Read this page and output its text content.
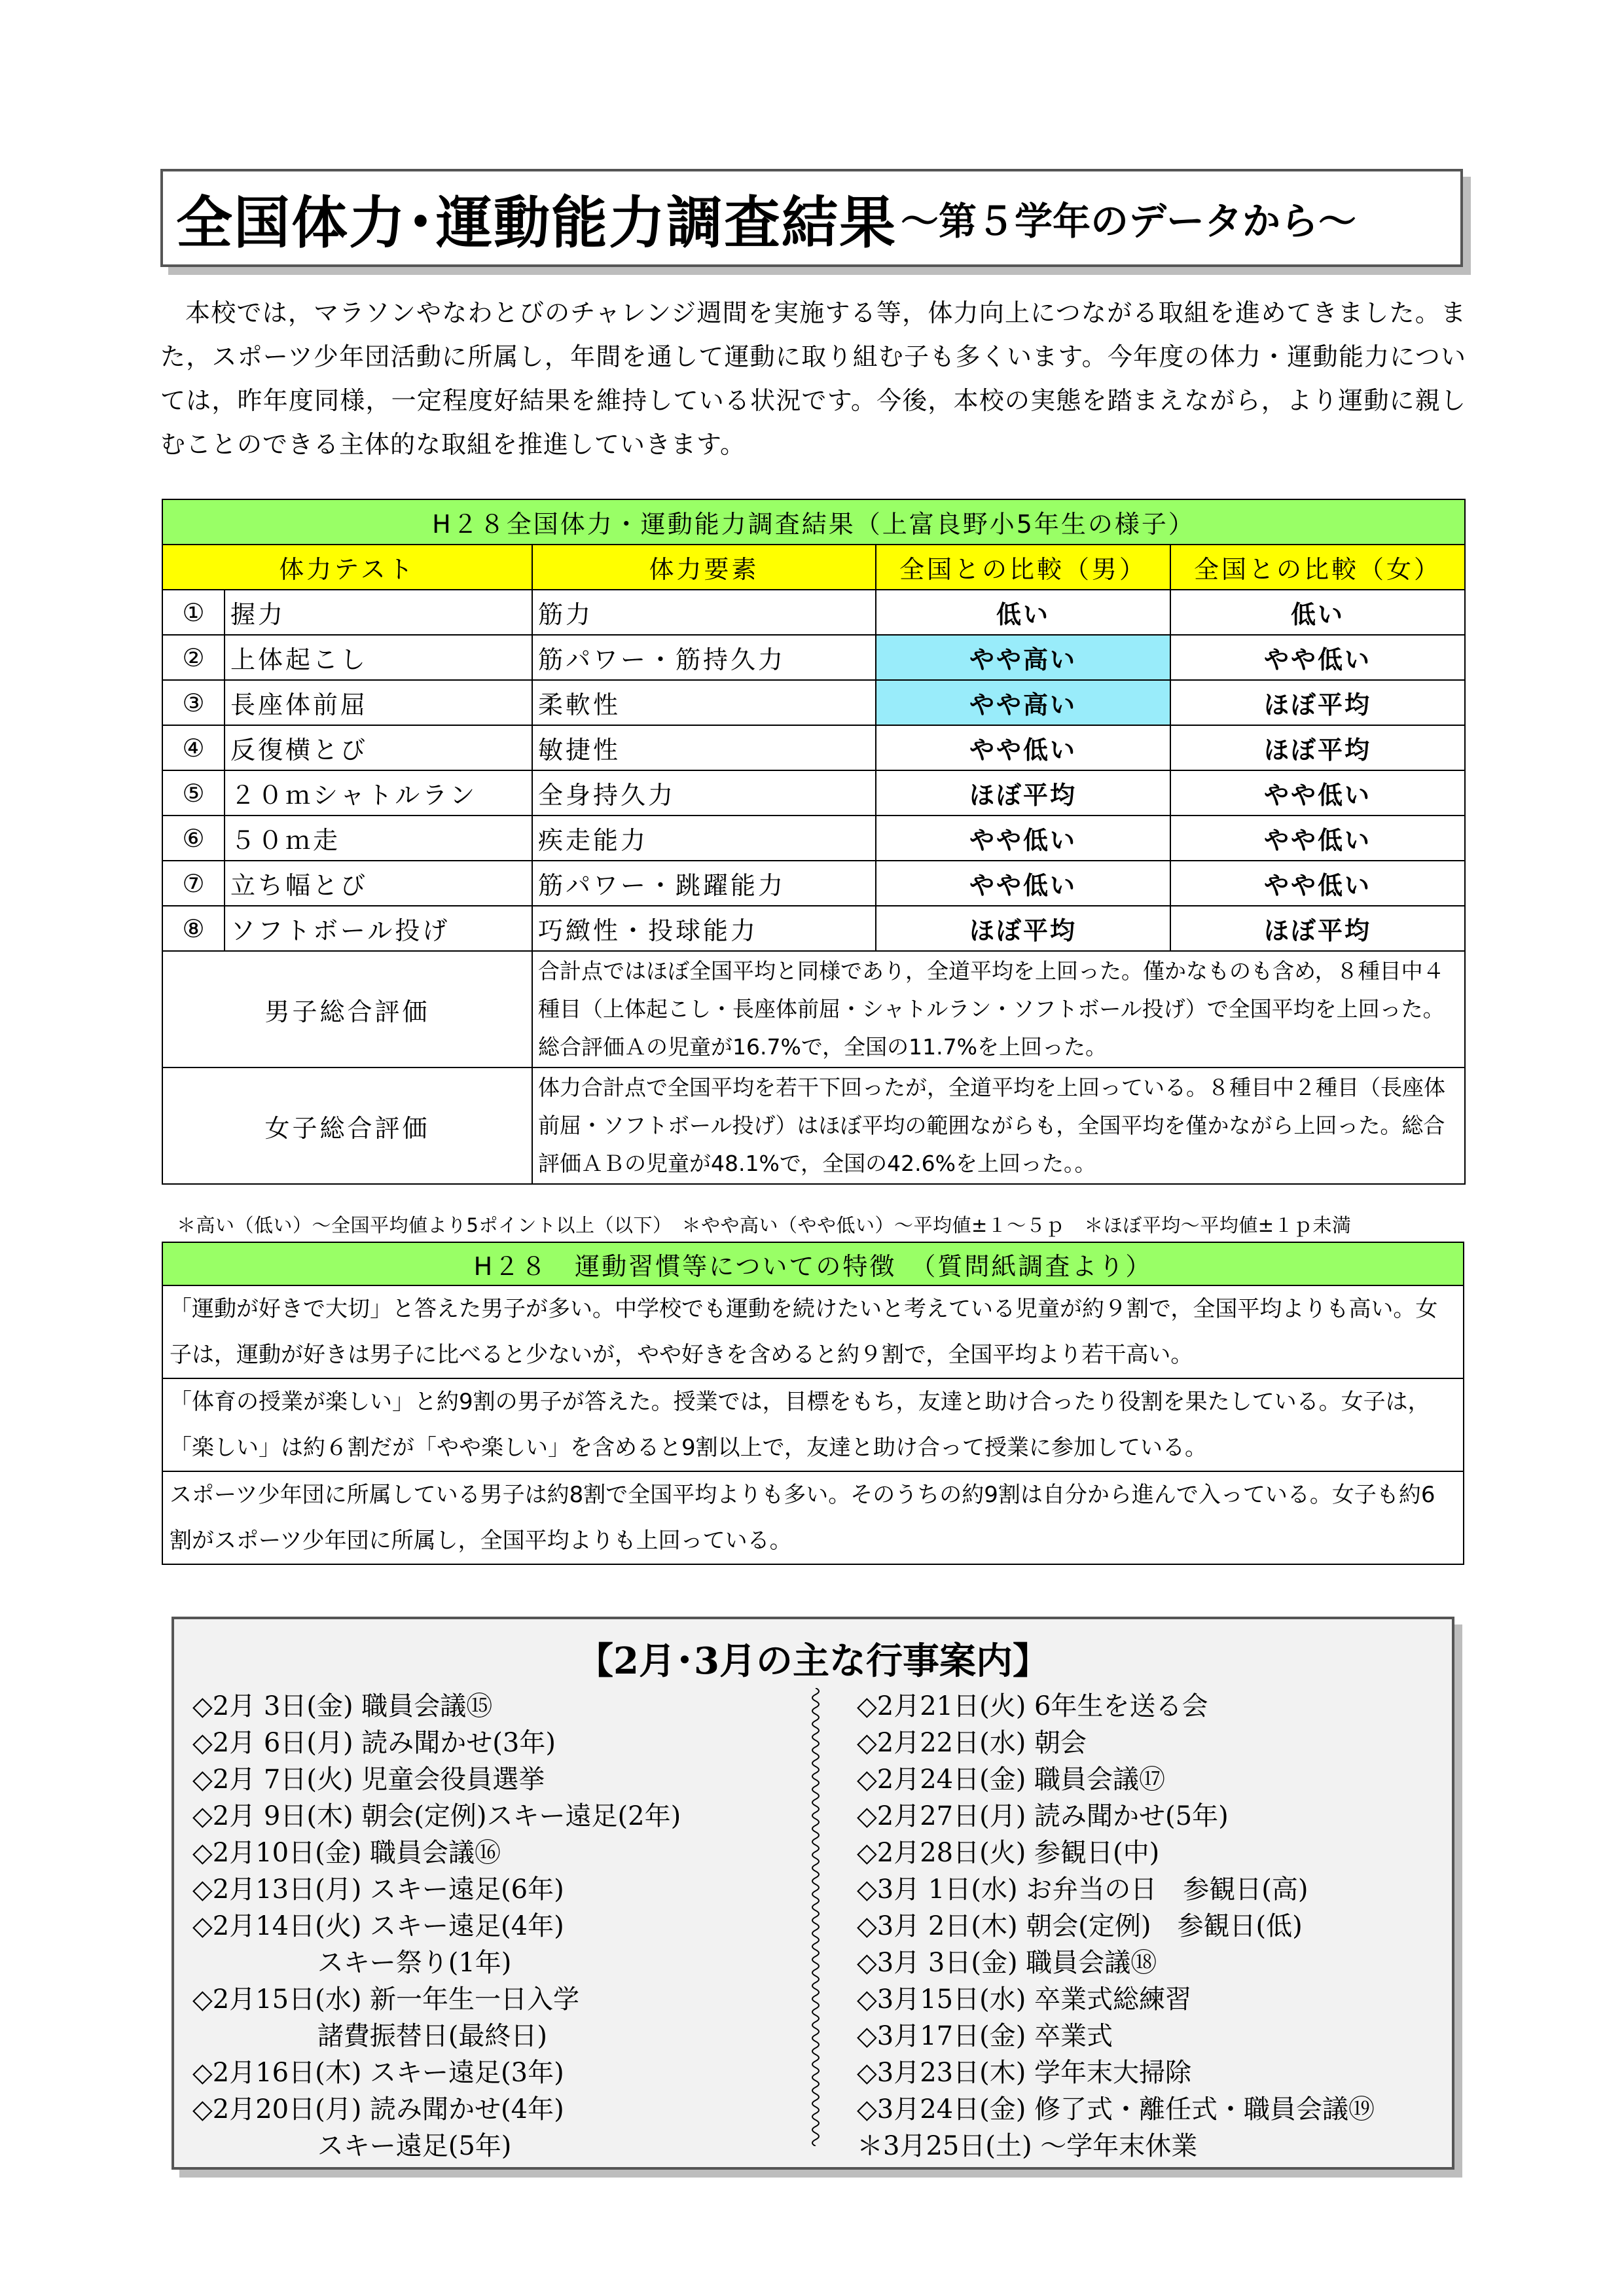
全国体力･運動能力調査結果 ～第５学年のデータから～
本校では，マラソンやなわとびのチャレンジ週間を実施する等，体力向上につながる取組を進めてきました。また，スポーツ少年団活動に所属し，年間を通して運動に取り組む子も多くいます。今年度の体力・運動能力については，昨年度同様，一定程度好結果を維持している状況です。今後，本校の実態を踏まえながら，より運動に親しむことのできる主体的な取組を推進していきます。
H２８全国体力・運動能力調査結果（上富良野小5年生の様子）				
体力テスト		体力要素	全国との比較（男）	全国との比較（女）
①	握力	筋力	低い	低い
②	上体起こし	筋パワー・筋持久力	やや高い	やや低い
③	長座体前屈	柔軟性	やや高い	ほぼ平均
④	反復横とび	敏捷性	やや低い	ほぼ平均
⑤	２０ｍシャトルラン	全身持久力	ほぼ平均	やや低い
⑥	５０ｍ走	疾走能力	やや低い	やや低い
⑦	立ち幅とび	筋パワー・跳躍能力	やや低い	やや低い
⑧	ソフトボール投げ	巧緻性・投球能力	ほぼ平均	ほぼ平均
男子総合評価		合計点ではほぼ全国平均と同様であり，全道平均を上回った。僅かなものも含め，８種目中４種目（上体起こし・長座体前屈・シャトルラン・ソフトボール投げ）で全国平均を上回った。総合評価Ａの児童が16.7%で，全国の11.7%を上回った。		
女子総合評価		体力合計点で全国平均を若干下回ったが，全道平均を上回っている。８種目中２種目（長座体前屈・ソフトボール投げ）はほぼ平均の範囲ながらも，全国平均を僅かながら上回った。総合評価ＡＢの児童が48.1%で，全国の42.6%を上回った。。		
＊高い（低い）～全国平均値より5ポイント以上（以下）　＊やや高い（やや低い）～平均値±１～５ｐ　＊ほぼ平均～平均値±１ｐ未満
H２８　運動習慣等についての特徴　（質問紙調査より）
「運動が好きで大切」と答えた男子が多い。中学校でも運動を続けたいと考えている児童が約９割で，全国平均よりも高い。女子は，運動が好きは男子に比べると少ないが，やや好きを含めると約９割で，全国平均より若干高い。
「体育の授業が楽しい」と約9割の男子が答えた。授業では，目標をもち，友達と助け合ったり役割を果たしている。女子は，「楽しい」は約６割だが「やや楽しい」を含めると9割以上で，友達と助け合って授業に参加している。
スポーツ少年団に所属している男子は約8割で全国平均よりも多い。そのうちの約9割は自分から進んで入っている。女子も約6割がスポーツ少年団に所属し，全国平均よりも上回っている。
【2月･3月の主な行事案内】
◇2月 3日(金) 職員会議⑮
◇2月 6日(月) 読み聞かせ(3年)
◇2月 7日(火) 児童会役員選挙
◇2月 9日(木) 朝会(定例)スキー遠足(2年)
◇2月10日(金) 職員会議⑯
◇2月13日(月) スキー遠足(6年)
◇2月14日(火) スキー遠足(4年)
スキー祭り(1年)
◇2月15日(水) 新一年生一日入学
諸費振替日(最終日)
◇2月16日(木) スキー遠足(3年)
◇2月20日(月) 読み聞かせ(4年)
スキー遠足(5年)
◇2月21日(火) 6年生を送る会
◇2月22日(水) 朝会
◇2月24日(金) 職員会議⑰
◇2月27日(月) 読み聞かせ(5年)
◇2月28日(火) 参観日(中)
◇3月 1日(水) お弁当の日　参観日(高)
◇3月 2日(木) 朝会(定例)　参観日(低)
◇3月 3日(金) 職員会議⑱
◇3月15日(水) 卒業式総練習
◇3月17日(金) 卒業式
◇3月23日(木) 学年末大掃除
◇3月24日(金) 修了式・離任式・職員会議⑲
＊3月25日(土) ～学年末休業
